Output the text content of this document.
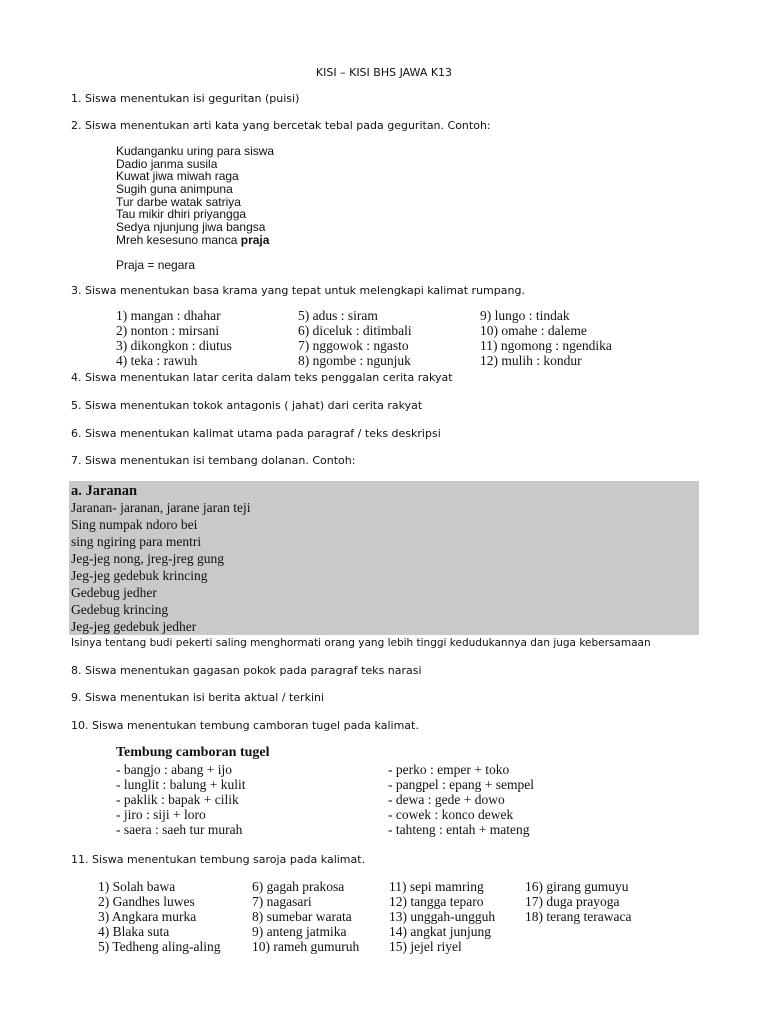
KISI – KISI BHS JAWA K13
1. Siswa menentukan isi geguritan (puisi)
2. Siswa menentukan arti kata yang bercetak tebal pada geguritan. Contoh:
Kudanganku uring para siswa
Dadio janma susila
Kuwat jiwa miwah raga
Sugih guna animpuna
Tur darbe watak satriya
Tau mikir dhiri priyangga
Sedya njunjung jiwa bangsa
Mreh kesesuno manca praja
Praja = negara
3. Siswa menentukan basa krama yang tepat untuk melengkapi kalimat rumpang.
1) mangan : dhahar
2) nonton : mirsani
3) dikongkon : diutus
4) teka : rawuh
5) adus : siram
6) diceluk : ditimbali
7) nggowok : ngasto
8) ngombe : ngunjuk
9) lungo : tindak
10) omahe : daleme
11) ngomong : ngendika
12) mulih : kondur
4. Siswa menentukan latar cerita dalam teks penggalan cerita rakyat
5. Siswa menentukan tokok antagonis ( jahat) dari cerita rakyat
6. Siswa menentukan kalimat utama pada paragraf / teks deskripsi
7. Siswa menentukan isi tembang dolanan. Contoh:
a. Jaranan
Jaranan- jaranan, jarane jaran teji
Sing numpak ndoro bei
sing ngiring para mentri
Jeg-jeg nong, jreg-jreg gung
Jeg-jeg gedebuk krincing
Gedebug jedher
Gedebug krincing
Jeg-jeg gedebuk jedher
Isinya tentang budi pekerti saling menghormati orang yang lebih tinggi kedudukannya dan juga kebersamaan
8. Siswa menentukan gagasan pokok pada paragraf teks narasi
9. Siswa menentukan isi berita aktual / terkini
10. Siswa menentukan tembung camboran tugel pada kalimat.
Tembung camboran tugel
- bangjo : abang + ijo
- lunglit : balung + kulit
- paklik : bapak + cilik
- jiro : siji + loro
- saera : saeh tur murah
- perko : emper + toko
- pangpel : epang + sempel
- dewa : gede + dowo
- cowek : konco dewek
- tahteng : entah + mateng
11. Siswa menentukan tembung saroja pada kalimat.
1) Solah bawa
2) Gandhes luwes
3) Angkara murka
4) Blaka suta
5) Tedheng aling-aling
6) gagah prakosa
7) nagasari
8) sumebar warata
9) anteng jatmika
10) rameh gumuruh
11) sepi mamring
12) tangga teparo
13) unggah-ungguh
14) angkat junjung
15) jejel riyel
16) girang gumuyu
17) duga prayoga
18) terang terawaca
